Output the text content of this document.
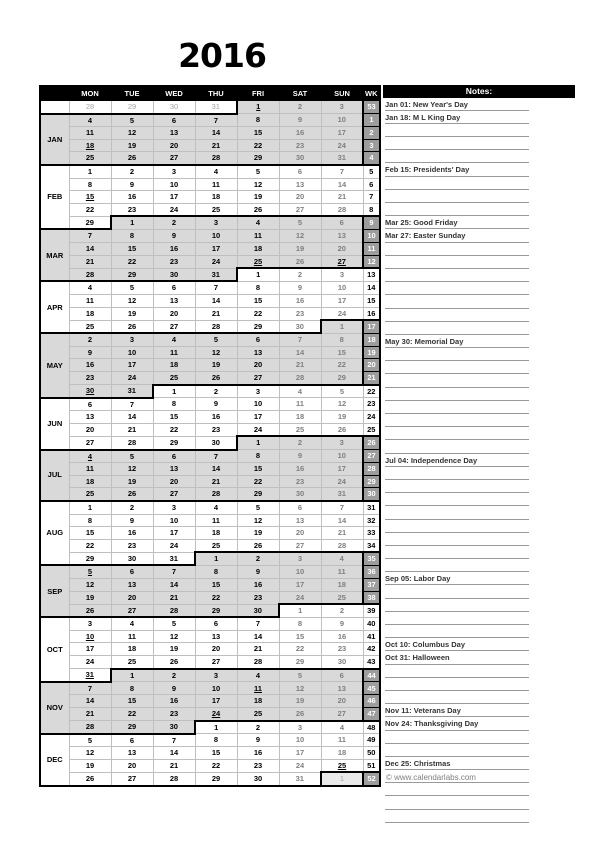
2016
	MON	TUE	WED	THU	FRI	SAT	SUN	WK
	28	29	30	31	1	2	3	53
JAN	4	5	6	7	8	9	10	1
	11	12	13	14	15	16	17	2
	18	19	20	21	22	23	24	3
	25	26	27	28	29	30	31	4
FEB	1	2	3	4	5	6	7	5
	8	9	10	11	12	13	14	6
	15	16	17	18	19	20	21	7
	22	23	24	25	26	27	28	8
	29	1	2	3	4	5	6	9
MAR	7	8	9	10	11	12	13	10
	14	15	16	17	18	19	20	11
	21	22	23	24	25	26	27	12
	28	29	30	31	1	2	3	13
APR	4	5	6	7	8	9	10	14
	11	12	13	14	15	16	17	15
	18	19	20	21	22	23	24	16
	25	26	27	28	29	30	1	17
MAY	2	3	4	5	6	7	8	18
	9	10	11	12	13	14	15	19
	16	17	18	19	20	21	22	20
	23	24	25	26	27	28	29	21
	30	31	1	2	3	4	5	22
JUN	6	7	8	9	10	11	12	23
	13	14	15	16	17	18	19	24
	20	21	22	23	24	25	26	25
	27	28	29	30	1	2	3	26
JUL	4	5	6	7	8	9	10	27
	11	12	13	14	15	16	17	28
	18	19	20	21	22	23	24	29
	25	26	27	28	29	30	31	30
AUG	1	2	3	4	5	6	7	31
	8	9	10	11	12	13	14	32
	15	16	17	18	19	20	21	33
	22	23	24	25	26	27	28	34
	29	30	31	1	2	3	4	35
SEP	5	6	7	8	9	10	11	36
	12	13	14	15	16	17	18	37
	19	20	21	22	23	24	25	38
	26	27	28	29	30	1	2	39
OCT	3	4	5	6	7	8	9	40
	10	11	12	13	14	15	16	41
	17	18	19	20	21	22	23	42
	24	25	26	27	28	29	30	43
	31	1	2	3	4	5	6	44
NOV	7	8	9	10	11	12	13	45
	14	15	16	17	18	19	20	46
	21	22	23	24	25	26	27	47
	28	29	30	1	2	3	4	48
DEC	5	6	7	8	9	10	11	49
	12	13	14	15	16	17	18	50
	19	20	21	22	23	24	25	51
	26	27	28	29	30	31	1	52
Notes:
Jan 01: New Year's Day
Jan 18: M L King Day
Feb 15: Presidents' Day
Mar 25: Good Friday
Mar 27: Easter Sunday
May 30: Memorial Day
Jul 04: Independence Day
Sep 05: Labor Day
Oct 10: Columbus Day
Oct 31: Halloween
Nov 11: Veterans Day
Nov 24: Thanksgiving Day
Dec 25: Christmas
© www.calendarlabs.com
